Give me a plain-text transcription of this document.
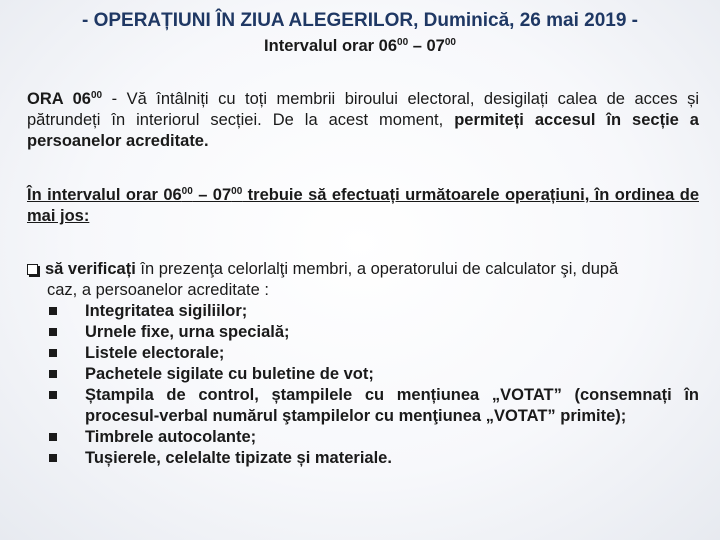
- OPERAȚIUNI ÎN ZIUA ALEGERILOR, Duminică, 26 mai 2019 -
Intervalul orar $06^{00} - 07^{00}$
ORA $06^{00}$ - Vă întâlniți cu toți membrii biroului electoral, desigilați calea de acces și pătrundeți în interiorul secției. De la acest moment, permiteți accesul în secție a persoanelor acreditate.
În intervalul orar $06^{00} - 07^{00}$ trebuie să efectuați următoarele operațiuni, în ordinea de mai jos:
să verificați în prezenţa celorlalţi membri, a operatorului de calculator şi, după
caz, a persoanelor acreditate :
Integritatea sigiliilor;
Urnele fixe, urna specială;
Listele electorale;
Pachetele sigilate cu buletine de vot;
Ștampila de control, ștampilele cu mențiunea „VOTAT” (consemnați în procesul-verbal numărul ştampilelor cu menţiunea „VOTAT” primite);
Timbrele autocolante;
Tușierele, celelalte tipizate și materiale.
